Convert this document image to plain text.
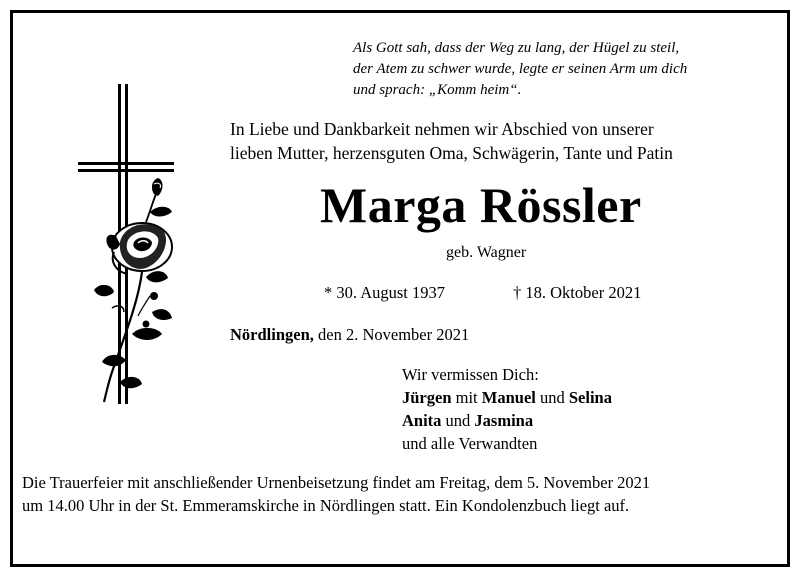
Als Gott sah, dass der Weg zu lang, der Hügel zu steil,
der Atem zu schwer wurde, legte er seinen Arm um dich
und sprach: „Komm heim“.
In Liebe und Dankbarkeit nehmen wir Abschied von unserer
lieben Mutter, herzensguten Oma, Schwägerin, Tante und Patin
Marga Rössler
geb. Wagner
* 30. August 1937	† 18. Oktober 2021
Nördlingen, den 2. November 2021
Wir vermissen Dich:
Jürgen mit Manuel und Selina
Anita und Jasmina
und alle Verwandten
Die Trauerfeier mit anschließender Urnenbeisetzung findet am Freitag, dem 5. November 2021
um 14.00 Uhr in der St. Emmeramskirche in Nördlingen statt. Ein Kondolenzbuch liegt auf.
